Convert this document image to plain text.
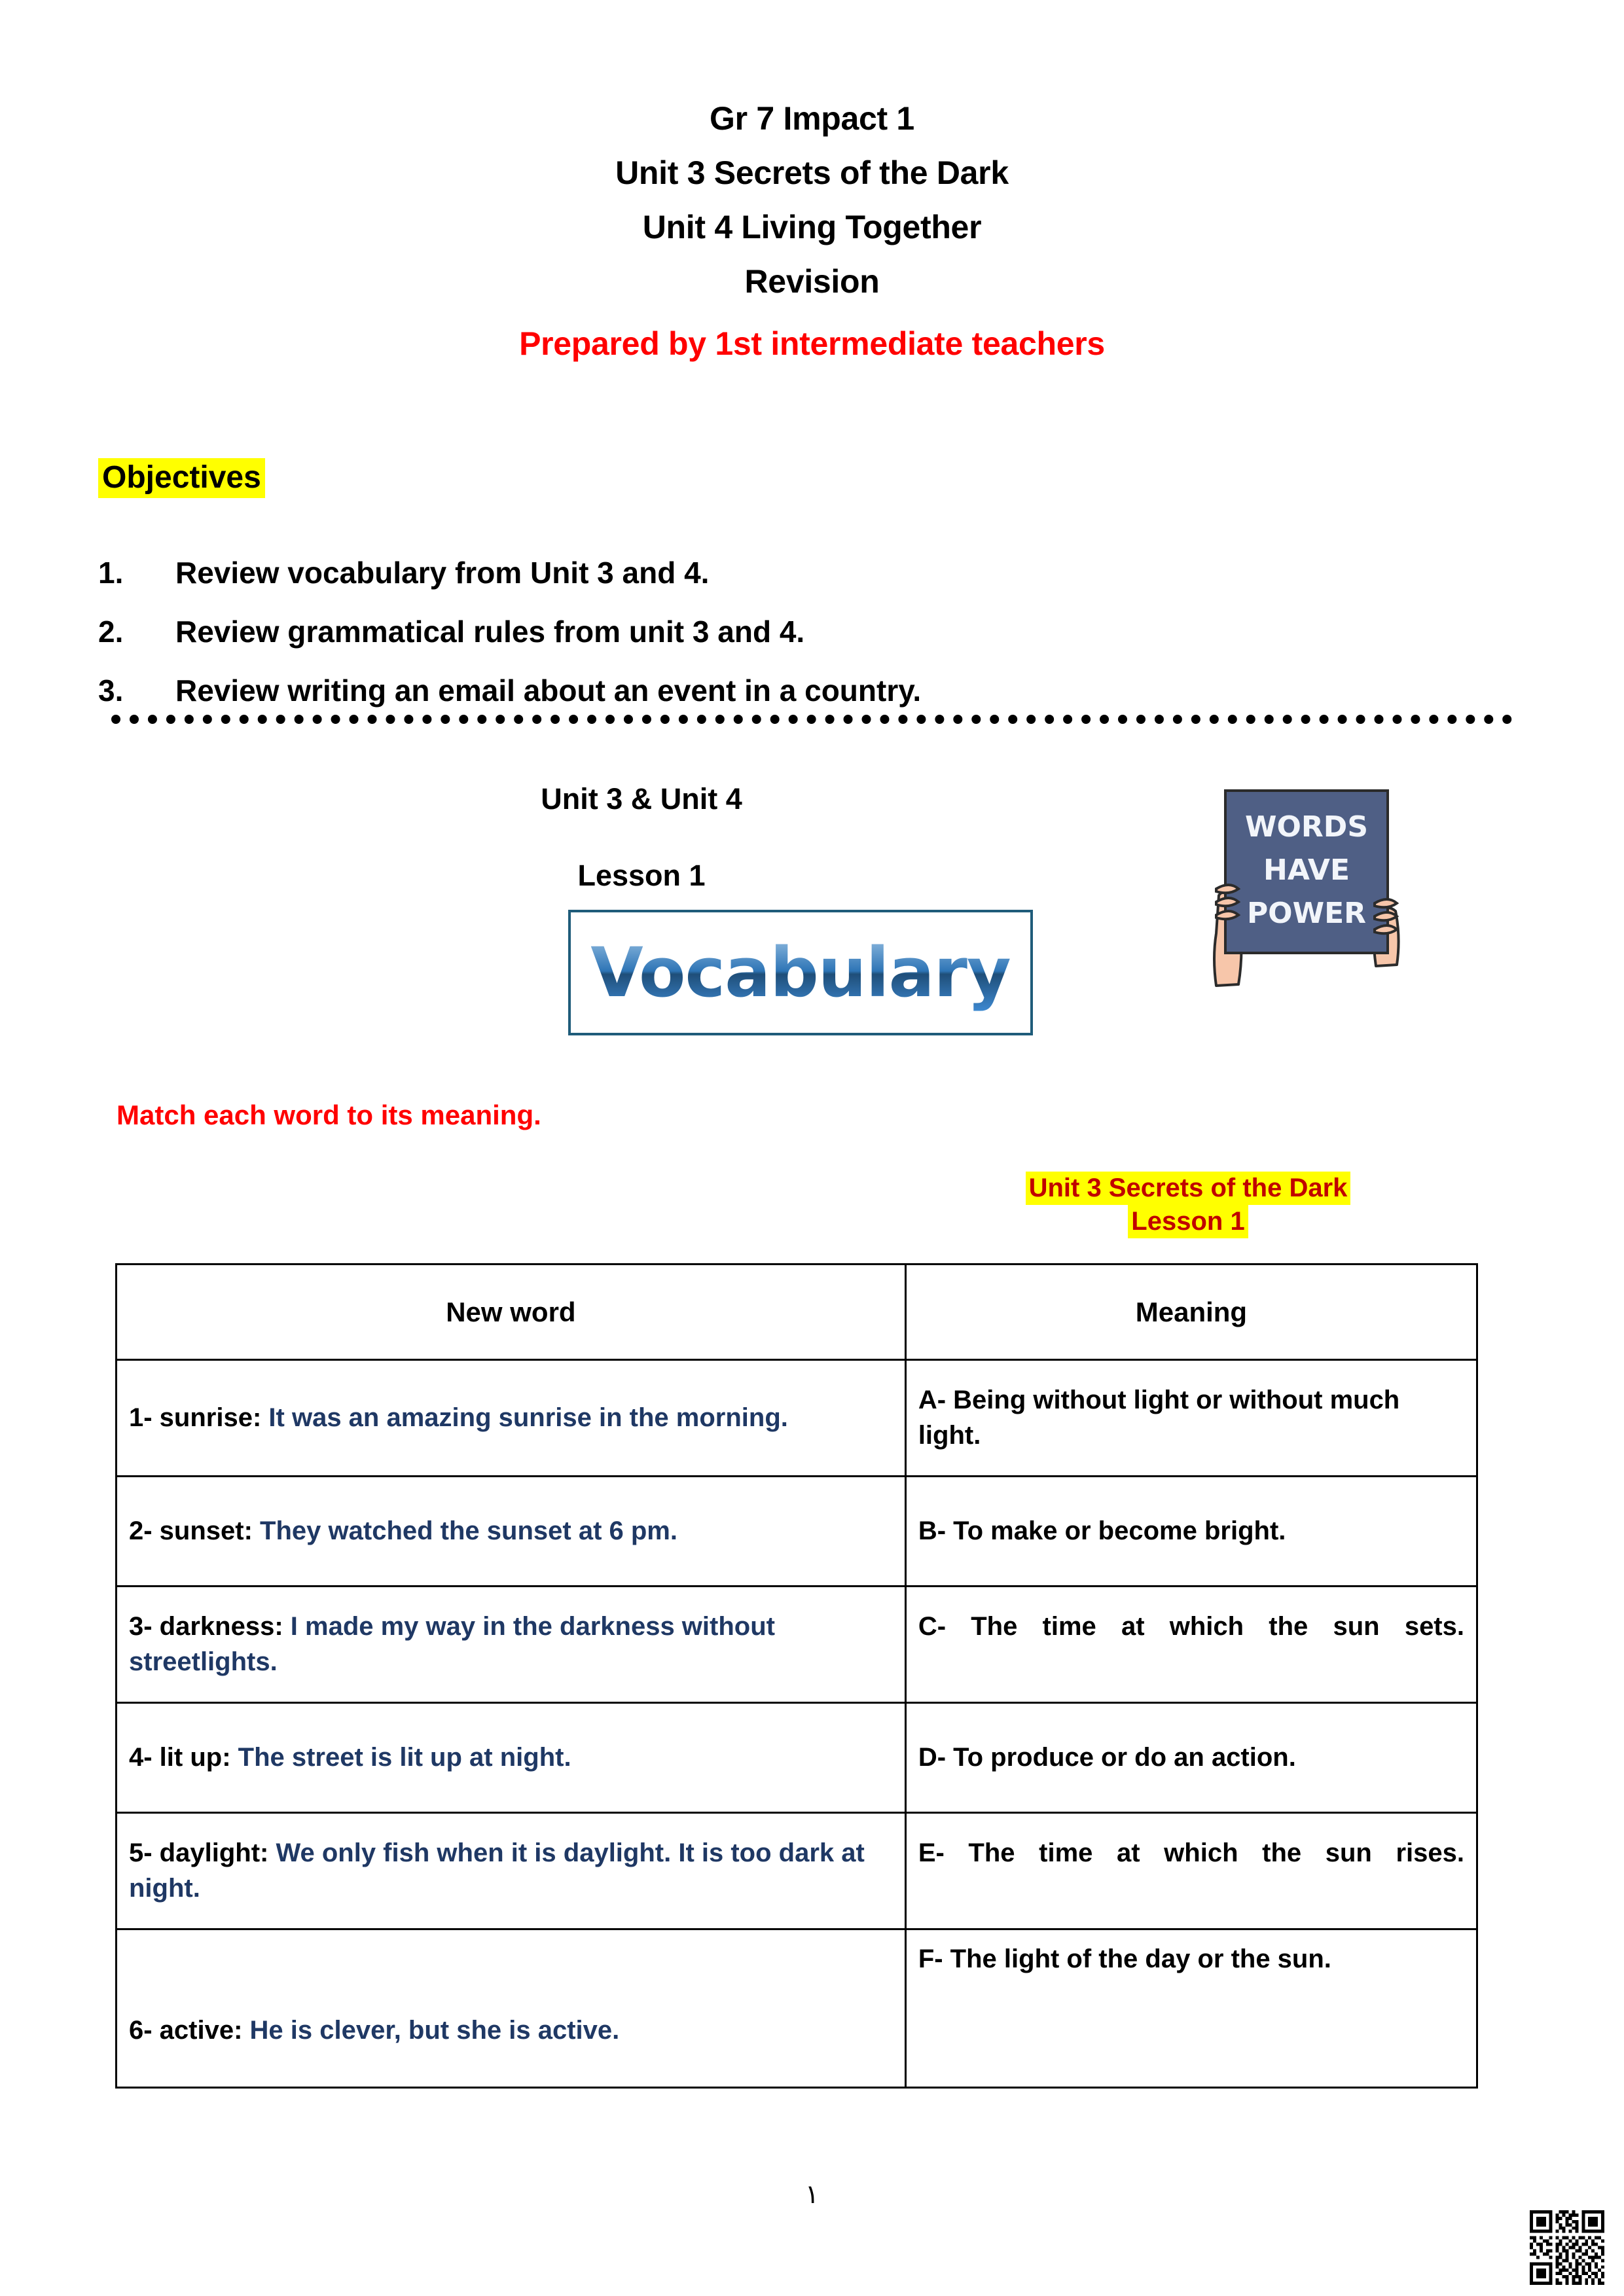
Gr 7 Impact 1
Unit 3 Secrets of the Dark
Unit 4 Living Together
Revision
Prepared by 1st intermediate teachers
Objectives
1.	Review vocabulary from Unit 3 and 4.
2.	Review grammatical rules from unit 3 and 4.
3.	Review writing an email about an event in a country.
Unit 3 & Unit 4
Lesson 1
Vocabulary
WORDS
HAVE
POWER
Match each word to its meaning.
Unit 3 Secrets of the Dark
Lesson 1
New word	Meaning
1- sunrise: It was an amazing sunrise in the morning.	A- Being without light or without much light.
2- sunset: They watched the sunset at 6 pm.	B- To make or become bright.
3- darkness: I made my way in the darkness without streetlights.	C- The time at which the sun sets.
4- lit up: The street is lit up at night.	D- To produce or do an action.
5- daylight: We only fish when it is daylight. It is too dark at night.	E- The time at which the sun rises.
6- active: He is clever, but she is active.	F- The light of the day or the sun.
١
